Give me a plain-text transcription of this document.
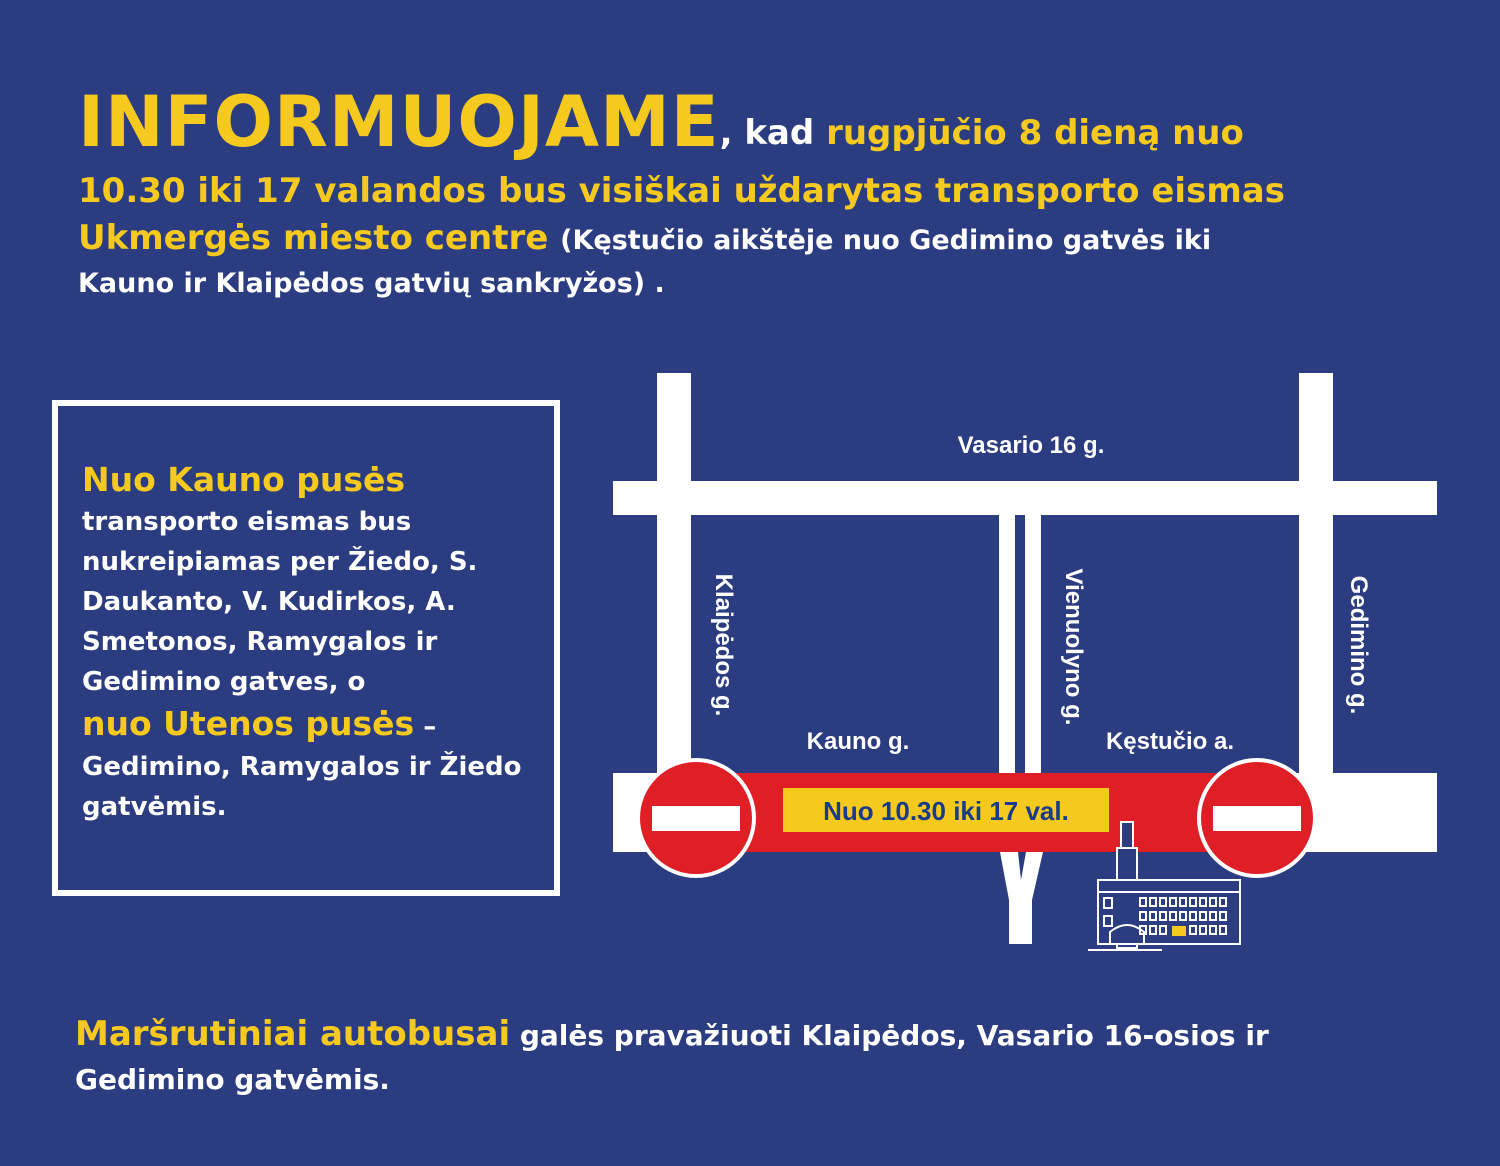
INFORMUOJAME, kad rugpjūčio 8 dieną nuo
10.30 iki 17 valandos bus visiškai uždarytas transporto eismas
Ukmergės miesto centre (Kęstučio aikštėje nuo Gedimino gatvės iki
Kauno ir Klaipėdos gatvių sankryžos) .
Nuo Kauno pusės
transporto eismas bus nukreipiamas per Žiedo, S. Daukanto, V. Kudirkos, A. Smetonos, Ramygalos ir Gedimino gatves, o
nuo Utenos pusės –
Gedimino, Ramygalos ir Žiedo gatvėmis.	Nuo 10.30 iki 17 val.
Vasario 16 g.
Kauno g.	Kęstučio a.
Klaipėdos g.	Vienuolyno g.	Gedimino g.
Maršrutiniai autobusai galės pravažiuoti Klaipėdos, Vasario 16-osios ir
Gedimino gatvėmis.
